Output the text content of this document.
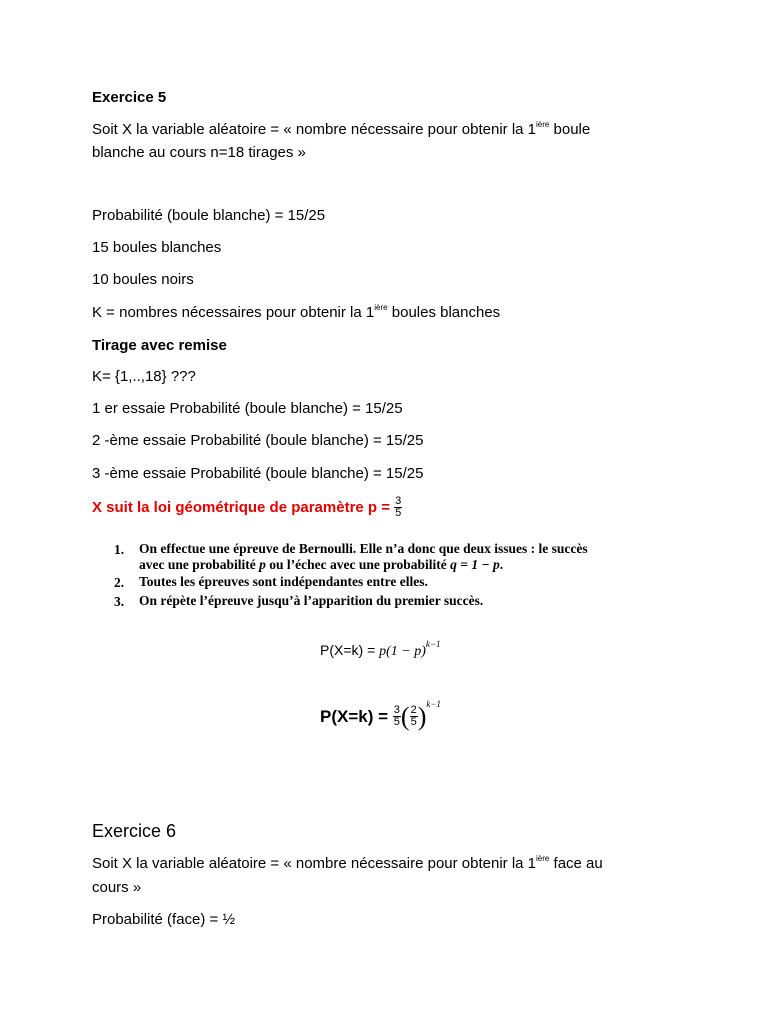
Exercice 5
Soit X la variable aléatoire = « nombre nécessaire pour obtenir la $1^{ière}$ boule
blanche au cours n=18 tirages »
Probabilité (boule blanche) = 15/25
15 boules blanches
10 boules noirs
K = nombres nécessaires pour obtenir la $1^{ière}$ boules blanches
Tirage avec remise
K= {1,..,18} ???
1 er essaie Probabilité (boule blanche) = 15/25
2 -ème essaie Probabilité (boule blanche) = 15/25
3 -ème essaie Probabilité (boule blanche) = 15/25
X suit la loi géométrique de paramètre $p = \frac{3}{5}$
1. On effectue une épreuve de Bernoulli. Elle n’a donc que deux issues : le succès
avec une probabilité p ou l’échec avec une probabilité q = 1 − p.
2. Toutes les épreuves sont indépendantes entre elles.
3. On répète l’épreuve jusqu’à l’apparition du premier succès.
$P(X=k) = p(1 - p)^{k-1}$
$P(X=k) = \frac{3}{5}$ ( $\frac{2}{5} )^{k-1}$
Exercice 6
Soit X la variable aléatoire = « nombre nécessaire pour obtenir la $1^{ière}$ face au
cours »
Probabilité (face) = ½
